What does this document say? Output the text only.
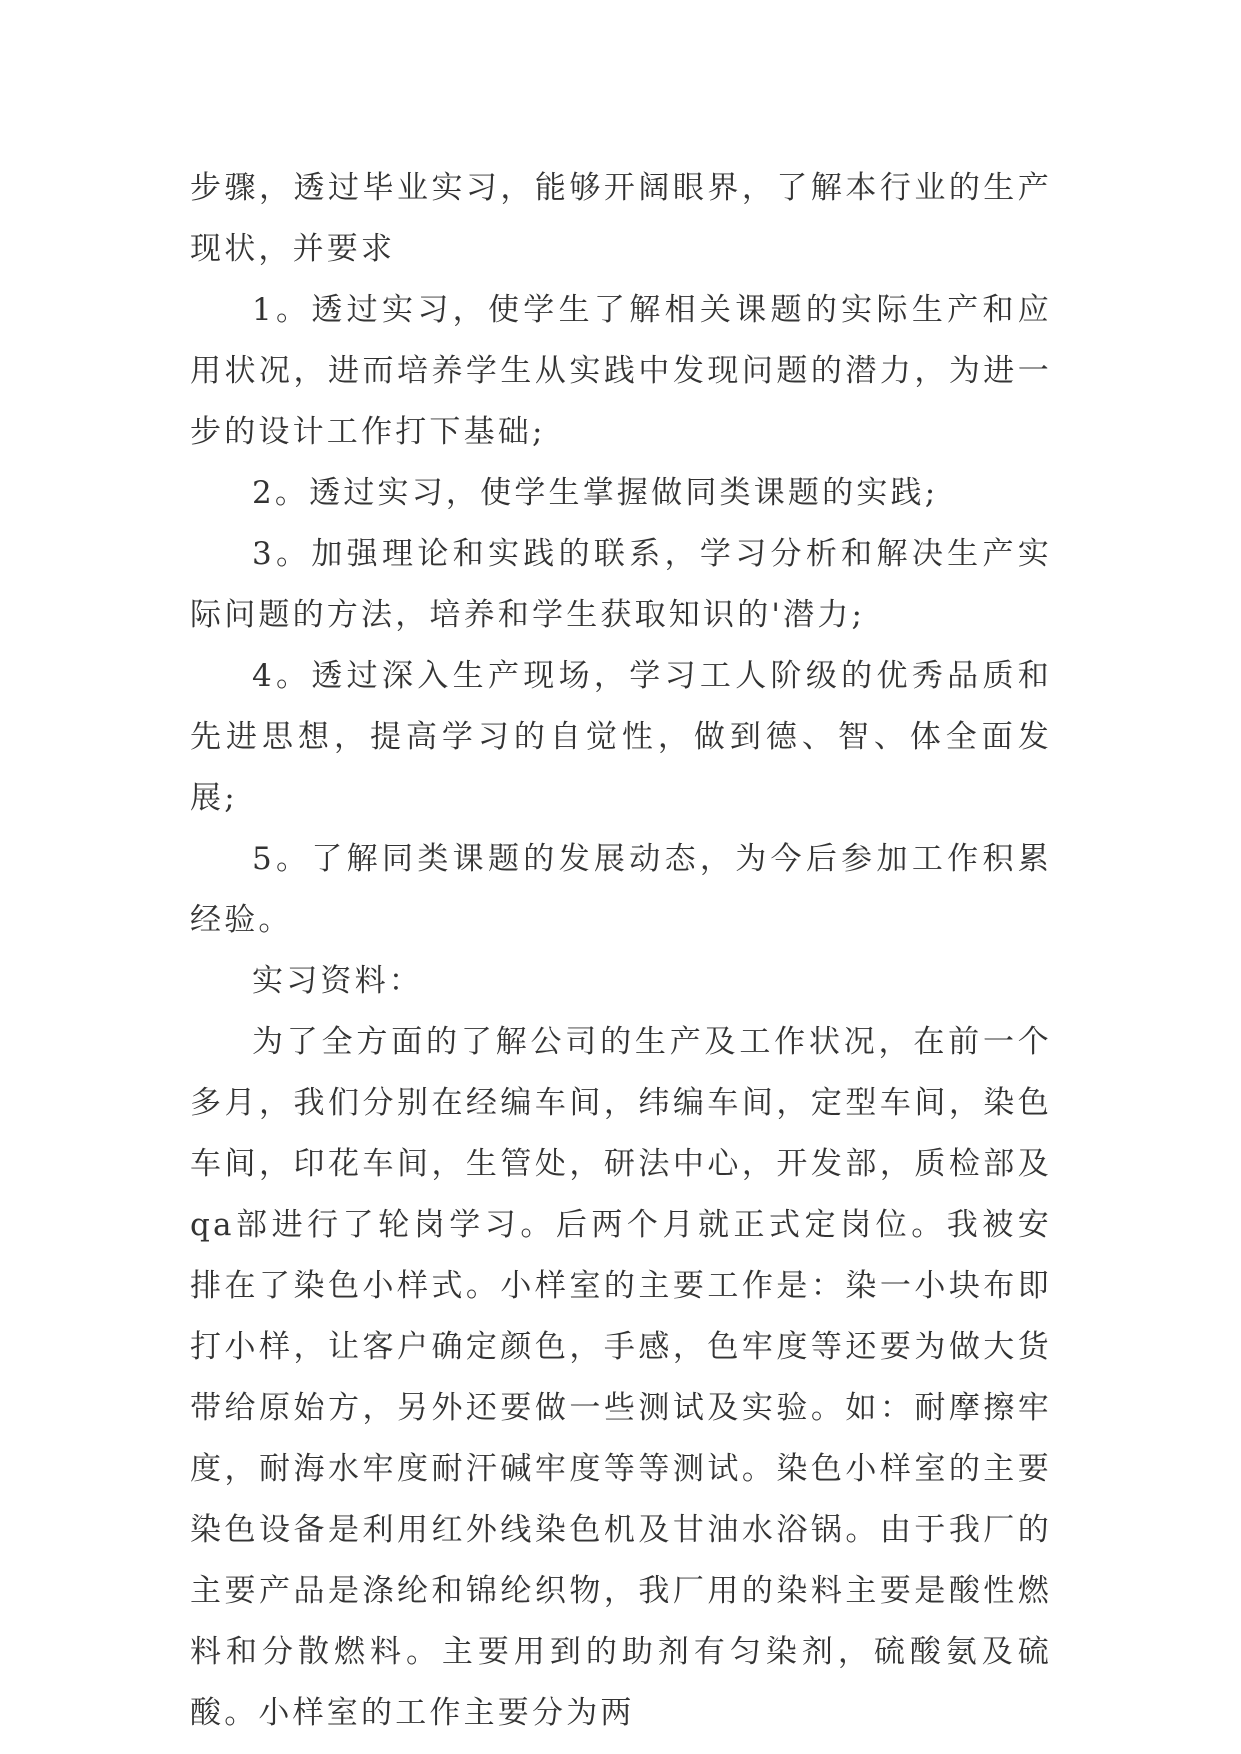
步骤，透过毕业实习，能够开阔眼界，了解本行业的生产现状，并要求

1。透过实习，使学生了解相关课题的实际生产和应用状况，进而培养学生从实践中发现问题的潜力，为进一步的设计工作打下基础;

2。透过实习，使学生掌握做同类课题的实践;

3。加强理论和实践的联系，学习分析和解决生产实际问题的方法，培养和学生获取知识的'潜力;

4。透过深入生产现场，学习工人阶级的优秀品质和先进思想，提高学习的自觉性，做到德、智、体全面发展;

5。了解同类课题的发展动态，为今后参加工作积累经验。

实习资料：

为了全方面的了解公司的生产及工作状况，在前一个多月，我们分别在经编车间，纬编车间，定型车间，染色车间，印花车间，生管处，研法中心，开发部，质检部及qa部进行了轮岗学习。后两个月就正式定岗位。我被安排在了染色小样式。小样室的主要工作是：染一小块布即打小样，让客户确定颜色，手感，色牢度等还要为做大货带给原始方，另外还要做一些测试及实验。如：耐摩擦牢度，耐海水牢度耐汗碱牢度等等测试。染色小样室的主要染色设备是利用红外线染色机及甘油水浴锅。由于我厂的主要产品是涤纶和锦纶织物，我厂用的染料主要是酸性燃料和分散燃料。主要用到的助剂有匀染剂，硫酸氨及硫酸。小样室的工作主要分为两
